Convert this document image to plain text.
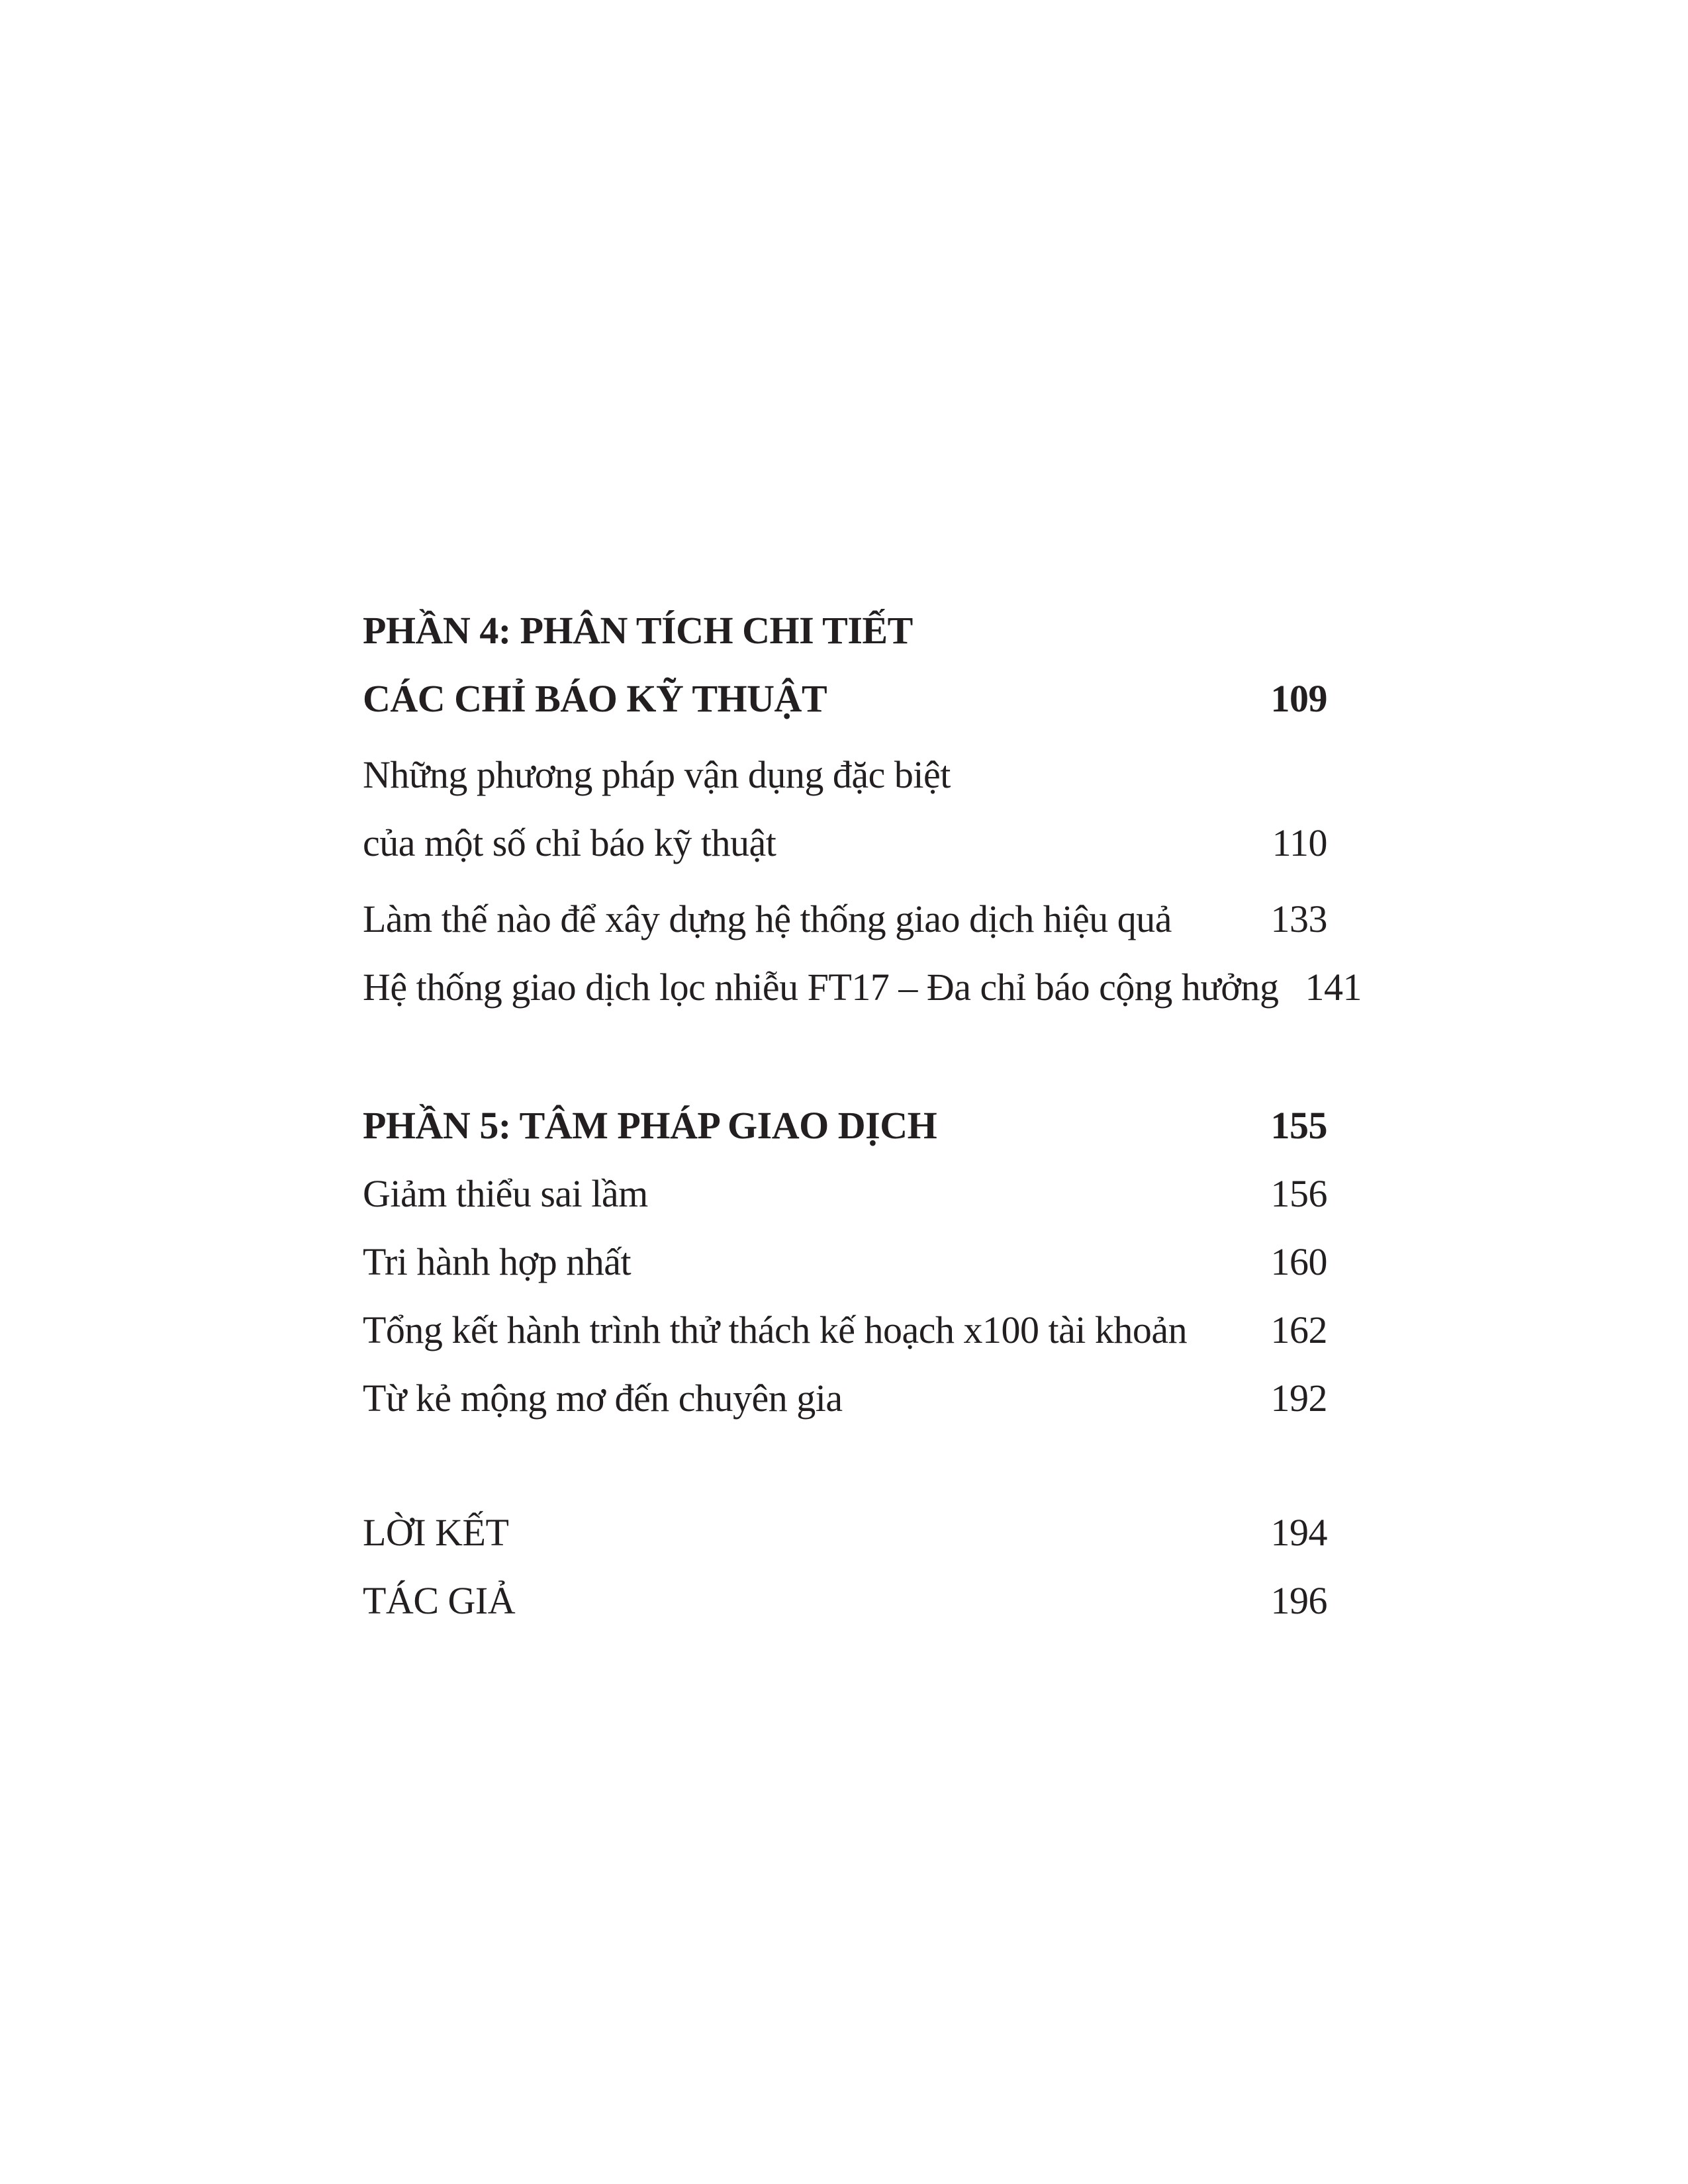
PHẦN 4: PHÂN TÍCH CHI TIẾT
CÁC CHỈ BÁO KỸ THUẬT	109
Những phương pháp vận dụng đặc biệt
của một số chỉ báo kỹ thuật	110
Làm thế nào để xây dựng hệ thống giao dịch hiệu quả	133
Hệ thống giao dịch lọc nhiễu FT17 – Đa chỉ báo cộng hưởng 141
PHẦN 5: TÂM PHÁP GIAO DỊCH	155
Giảm thiểu sai lầm	156
Tri hành hợp nhất	160
Tổng kết hành trình thử thách kế hoạch x100 tài khoản 162
Từ kẻ mộng mơ đến chuyên gia	192
LỜI KẾT	194
TÁC GIẢ	196
